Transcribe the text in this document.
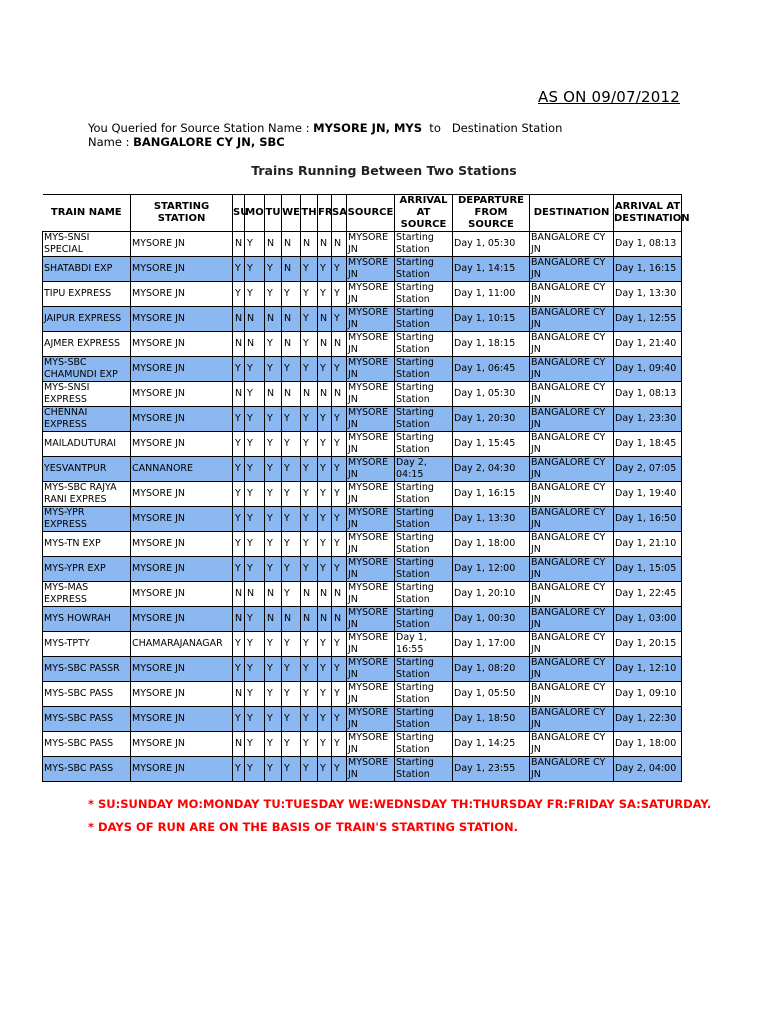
AS ON 09/07/2012
You Queried for Source Station Name : MYSORE JN, MYS  to   Destination Station
Name : BANGALORE CY JN, SBC
Trains Running Between Two Stations
TRAIN NAME	STARTING STATION	SU	MO	TU	WE	TH	FR	SA	SOURCE	ARRIVAL AT SOURCE	DEPARTURE FROM SOURCE	DESTINATION	ARRIVAL AT DESTINATION
MYS-SNSI SPECIAL	MYSORE JN	N	Y	N	N	N	N	N	MYSORE JN	Starting Station	Day 1, 05:30	BANGALORE CY JN	Day 1, 08:13
SHATABDI EXP	MYSORE JN	Y	Y	Y	N	Y	Y	Y	MYSORE JN	Starting Station	Day 1, 14:15	BANGALORE CY JN	Day 1, 16:15
TIPU EXPRESS	MYSORE JN	Y	Y	Y	Y	Y	Y	Y	MYSORE JN	Starting Station	Day 1, 11:00	BANGALORE CY JN	Day 1, 13:30
JAIPUR EXPRESS	MYSORE JN	N	N	N	N	Y	N	Y	MYSORE JN	Starting Station	Day 1, 10:15	BANGALORE CY JN	Day 1, 12:55
AJMER EXPRESS	MYSORE JN	N	N	Y	N	Y	N	N	MYSORE JN	Starting Station	Day 1, 18:15	BANGALORE CY JN	Day 1, 21:40
MYS-SBC CHAMUNDI EXP	MYSORE JN	Y	Y	Y	Y	Y	Y	Y	MYSORE JN	Starting Station	Day 1, 06:45	BANGALORE CY JN	Day 1, 09:40
MYS-SNSI EXPRESS	MYSORE JN	N	Y	N	N	N	N	N	MYSORE JN	Starting Station	Day 1, 05:30	BANGALORE CY JN	Day 1, 08:13
CHENNAI EXPRESS	MYSORE JN	Y	Y	Y	Y	Y	Y	Y	MYSORE JN	Starting Station	Day 1, 20:30	BANGALORE CY JN	Day 1, 23:30
MAILADUTURAI	MYSORE JN	Y	Y	Y	Y	Y	Y	Y	MYSORE JN	Starting Station	Day 1, 15:45	BANGALORE CY JN	Day 1, 18:45
YESVANTPUR	CANNANORE	Y	Y	Y	Y	Y	Y	Y	MYSORE JN	Day 2, 04:15	Day 2, 04:30	BANGALORE CY JN	Day 2, 07:05
MYS-SBC RAJYA RANI EXPRES	MYSORE JN	Y	Y	Y	Y	Y	Y	Y	MYSORE JN	Starting Station	Day 1, 16:15	BANGALORE CY JN	Day 1, 19:40
MYS-YPR EXPRESS	MYSORE JN	Y	Y	Y	Y	Y	Y	Y	MYSORE JN	Starting Station	Day 1, 13:30	BANGALORE CY JN	Day 1, 16:50
MYS-TN EXP	MYSORE JN	Y	Y	Y	Y	Y	Y	Y	MYSORE JN	Starting Station	Day 1, 18:00	BANGALORE CY JN	Day 1, 21:10
MYS-YPR EXP	MYSORE JN	Y	Y	Y	Y	Y	Y	Y	MYSORE JN	Starting Station	Day 1, 12:00	BANGALORE CY JN	Day 1, 15:05
MYS-MAS EXPRESS	MYSORE JN	N	N	N	Y	N	N	N	MYSORE JN	Starting Station	Day 1, 20:10	BANGALORE CY JN	Day 1, 22:45
MYS HOWRAH	MYSORE JN	N	Y	N	N	N	N	N	MYSORE JN	Starting Station	Day 1, 00:30	BANGALORE CY JN	Day 1, 03:00
MYS-TPTY	CHAMARAJANAGAR	Y	Y	Y	Y	Y	Y	Y	MYSORE JN	Day 1, 16:55	Day 1, 17:00	BANGALORE CY JN	Day 1, 20:15
MYS-SBC PASSR	MYSORE JN	Y	Y	Y	Y	Y	Y	Y	MYSORE JN	Starting Station	Day 1, 08:20	BANGALORE CY JN	Day 1, 12:10
MYS-SBC PASS	MYSORE JN	N	Y	Y	Y	Y	Y	Y	MYSORE JN	Starting Station	Day 1, 05:50	BANGALORE CY JN	Day 1, 09:10
MYS-SBC PASS	MYSORE JN	Y	Y	Y	Y	Y	Y	Y	MYSORE JN	Starting Station	Day 1, 18:50	BANGALORE CY JN	Day 1, 22:30
MYS-SBC PASS	MYSORE JN	N	Y	Y	Y	Y	Y	Y	MYSORE JN	Starting Station	Day 1, 14:25	BANGALORE CY JN	Day 1, 18:00
MYS-SBC PASS	MYSORE JN	Y	Y	Y	Y	Y	Y	Y	MYSORE JN	Starting Station	Day 1, 23:55	BANGALORE CY JN	Day 2, 04:00
* SU:SUNDAY MO:MONDAY TU:TUESDAY WE:WEDNSDAY TH:THURSDAY FR:FRIDAY SA:SATURDAY.
* DAYS OF RUN ARE ON THE BASIS OF TRAIN'S STARTING STATION.
